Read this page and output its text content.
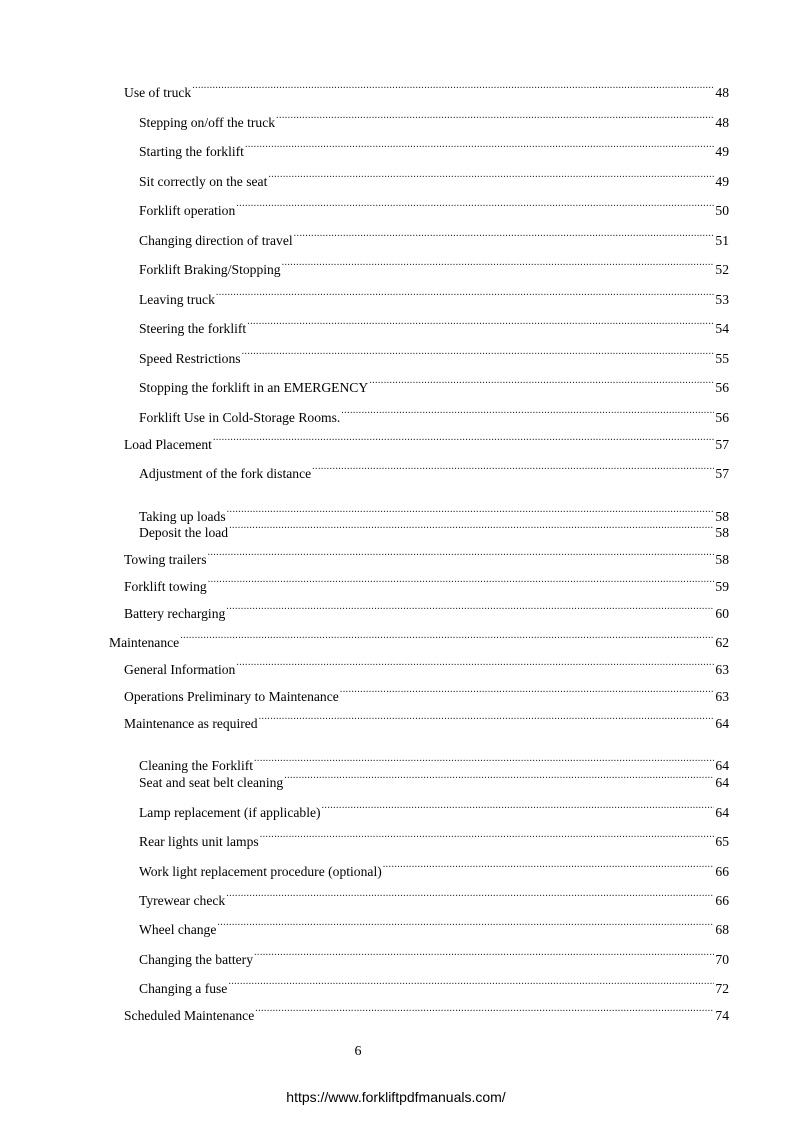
Use of truck .....	48
Stepping on/off the truck .....	48
Starting the forklift .....	49
Sit correctly on the seat .....	49
Forklift operation .....	50
Changing direction of travel .....	51
Forklift Braking/Stopping .....	52
Leaving truck .....	53
Steering the forklift .....	54
Speed Restrictions .....	55
Stopping the forklift in an EMERGENCY .....	56
Forklift Use in Cold-Storage Rooms. .....	56
Load Placement .....	57
Adjustment of the fork distance .....	57
Taking up loads .....	58
Deposit the load .....	58
Towing trailers .....	58
Forklift towing .....	59
Battery recharging .....	60
Maintenance .....	62
General Information .....	63
Operations Preliminary to Maintenance .....	63
Maintenance as required .....	64
Cleaning the Forklift .....	64
Seat and seat belt cleaning .....	64
Lamp replacement (if applicable) .....	64
Rear lights unit lamps .....	65
Work light replacement procedure (optional) .....	66
Tyrewear check .....	66
Wheel change .....	68
Changing the battery .....	70
Changing a fuse .....	72
Scheduled Maintenance .....	74
6
https://www.forkliftpdfmanuals.com/
